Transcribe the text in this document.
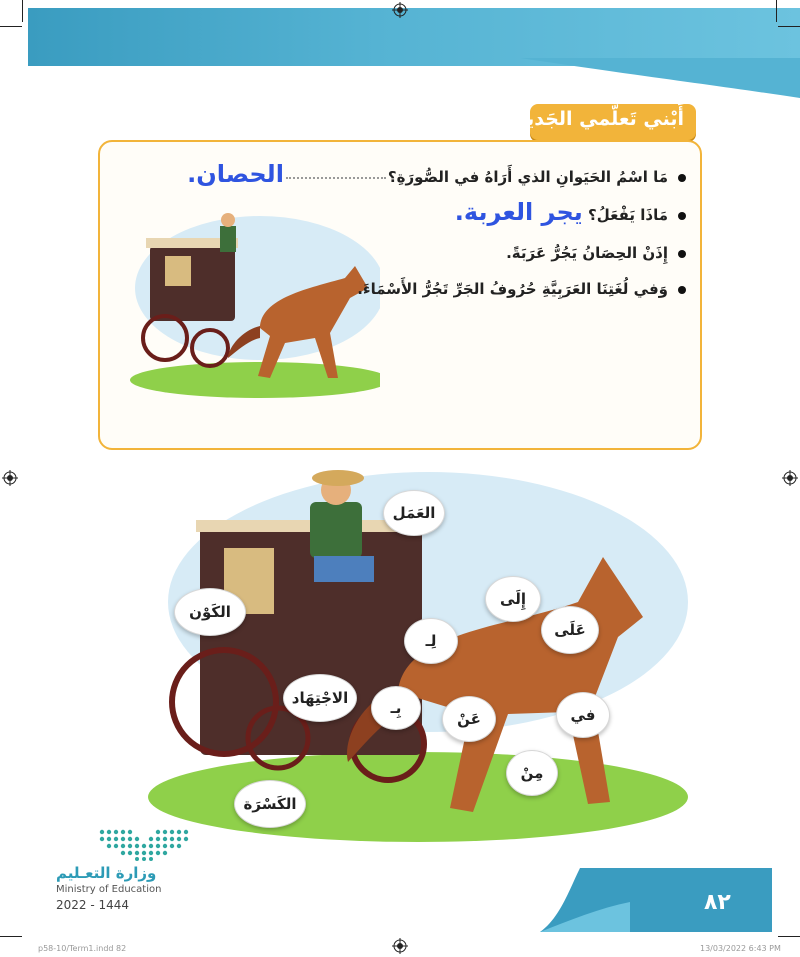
أَبْني تَعلُّمي الجَديدَ
مَا اسْمُ الحَيَوانِ الذي أَرَاهُ في الصُّورَةِ؟الحصان.
مَاذَا يَفْعَلُ؟ يجر العربة.
إِذَنْ الحِصَانُ يَجُرُّ عَرَبَةً.
وَفي لُغَتِنَا العَرَبِيَّةِ حُرُوفُ الجَرِّ تَجُرُّ الأَسْمَاءَ.
العَمَل
الكَوْن
إِلَى
لِـ
عَلَى
الاجْتِهَاد
بِـ
عَنْ	في
مِنْ
الكَسْرَة
وزارة التعـليم
Ministry of Education
2022 - 1444	٨٢
p58-10/Term1.indd 82	13/03/2022 6:43 PM
